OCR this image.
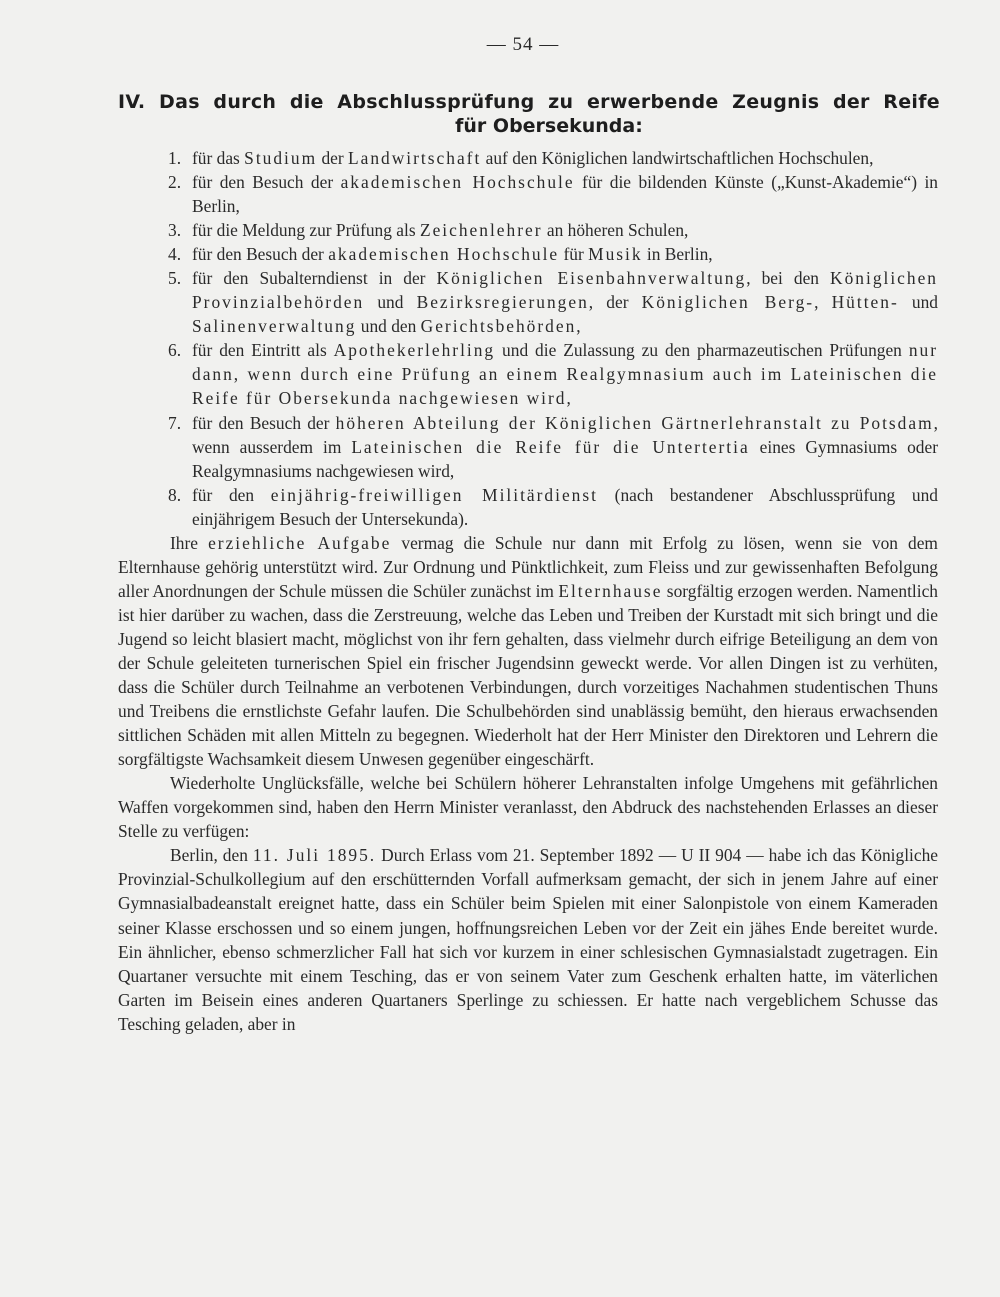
— 54 —
IV. Das durch die Abschlussprüfung zu erwerbende Zeugnis der Reife
für Obersekunda:
1. für das Studium der Landwirtschaft auf den Königlichen landwirtschaftlichen Hochschulen,
2. für den Besuch der akademischen Hochschule für die bildenden Künste („Kunst-Akademie“) in Berlin,
3. für die Meldung zur Prüfung als Zeichenlehrer an höheren Schulen,
4. für den Besuch der akademischen Hochschule für Musik in Berlin,
5. für den Subalterndienst in der Königlichen Eisenbahnverwaltung, bei den Königlichen Provinzialbehörden und Bezirksregierungen, der Königlichen Berg-, Hütten- und Salinenverwaltung und den Gerichtsbehörden,
6. für den Eintritt als Apothekerlehrling und die Zulassung zu den pharmazeutischen Prüfungen nur dann, wenn durch eine Prüfung an einem Realgymnasium auch im Lateinischen die Reife für Obersekunda nachgewiesen wird,
7. für den Besuch der höheren Abteilung der Königlichen Gärtnerlehranstalt zu Potsdam, wenn ausserdem im Lateinischen die Reife für die Untertertia eines Gymnasiums oder Realgymnasiums nachgewiesen wird,
8. für den einjährig-freiwilligen Militärdienst (nach bestandener Abschlussprüfung und einjährigem Besuch der Untersekunda).
Ihre erziehliche Aufgabe vermag die Schule nur dann mit Erfolg zu lösen, wenn sie von dem Elternhause gehörig unterstützt wird. Zur Ordnung und Pünktlichkeit, zum Fleiss und zur gewissenhaften Befolgung aller Anordnungen der Schule müssen die Schüler zunächst im Elternhause sorgfältig erzogen werden. Namentlich ist hier darüber zu wachen, dass die Zerstreuung, welche das Leben und Treiben der Kurstadt mit sich bringt und die Jugend so leicht blasiert macht, möglichst von ihr fern gehalten, dass vielmehr durch eifrige Beteiligung an dem von der Schule geleiteten turnerischen Spiel ein frischer Jugendsinn geweckt werde. Vor allen Dingen ist zu verhüten, dass die Schüler durch Teilnahme an verbotenen Verbindungen, durch vorzeitiges Nachahmen studentischen Thuns und Treibens die ernstlichste Gefahr laufen. Die Schulbehörden sind unablässig bemüht, den hieraus erwachsenden sittlichen Schäden mit allen Mitteln zu begegnen. Wiederholt hat der Herr Minister den Direktoren und Lehrern die sorgfältigste Wachsamkeit diesem Unwesen gegenüber eingeschärft.
Wiederholte Unglücksfälle, welche bei Schülern höherer Lehranstalten infolge Umgehens mit gefährlichen Waffen vorgekommen sind, haben den Herrn Minister veranlasst, den Abdruck des nachstehenden Erlasses an dieser Stelle zu verfügen:
Berlin, den 11. Juli 1895. Durch Erlass vom 21. September 1892 — U II 904 — habe ich das Königliche Provinzial-Schulkollegium auf den erschütternden Vorfall aufmerksam gemacht, der sich in jenem Jahre auf einer Gymnasialbadeanstalt ereignet hatte, dass ein Schüler beim Spielen mit einer Salonpistole von einem Kameraden seiner Klasse erschossen und so einem jungen, hoffnungsreichen Leben vor der Zeit ein jähes Ende bereitet wurde. Ein ähnlicher, ebenso schmerzlicher Fall hat sich vor kurzem in einer schlesischen Gymnasialstadt zugetragen. Ein Quartaner versuchte mit einem Tesching, das er von seinem Vater zum Geschenk erhalten hatte, im väterlichen Garten im Beisein eines anderen Quartaners Sperlinge zu schiessen. Er hatte nach vergeblichem Schusse das Tesching geladen, aber in
